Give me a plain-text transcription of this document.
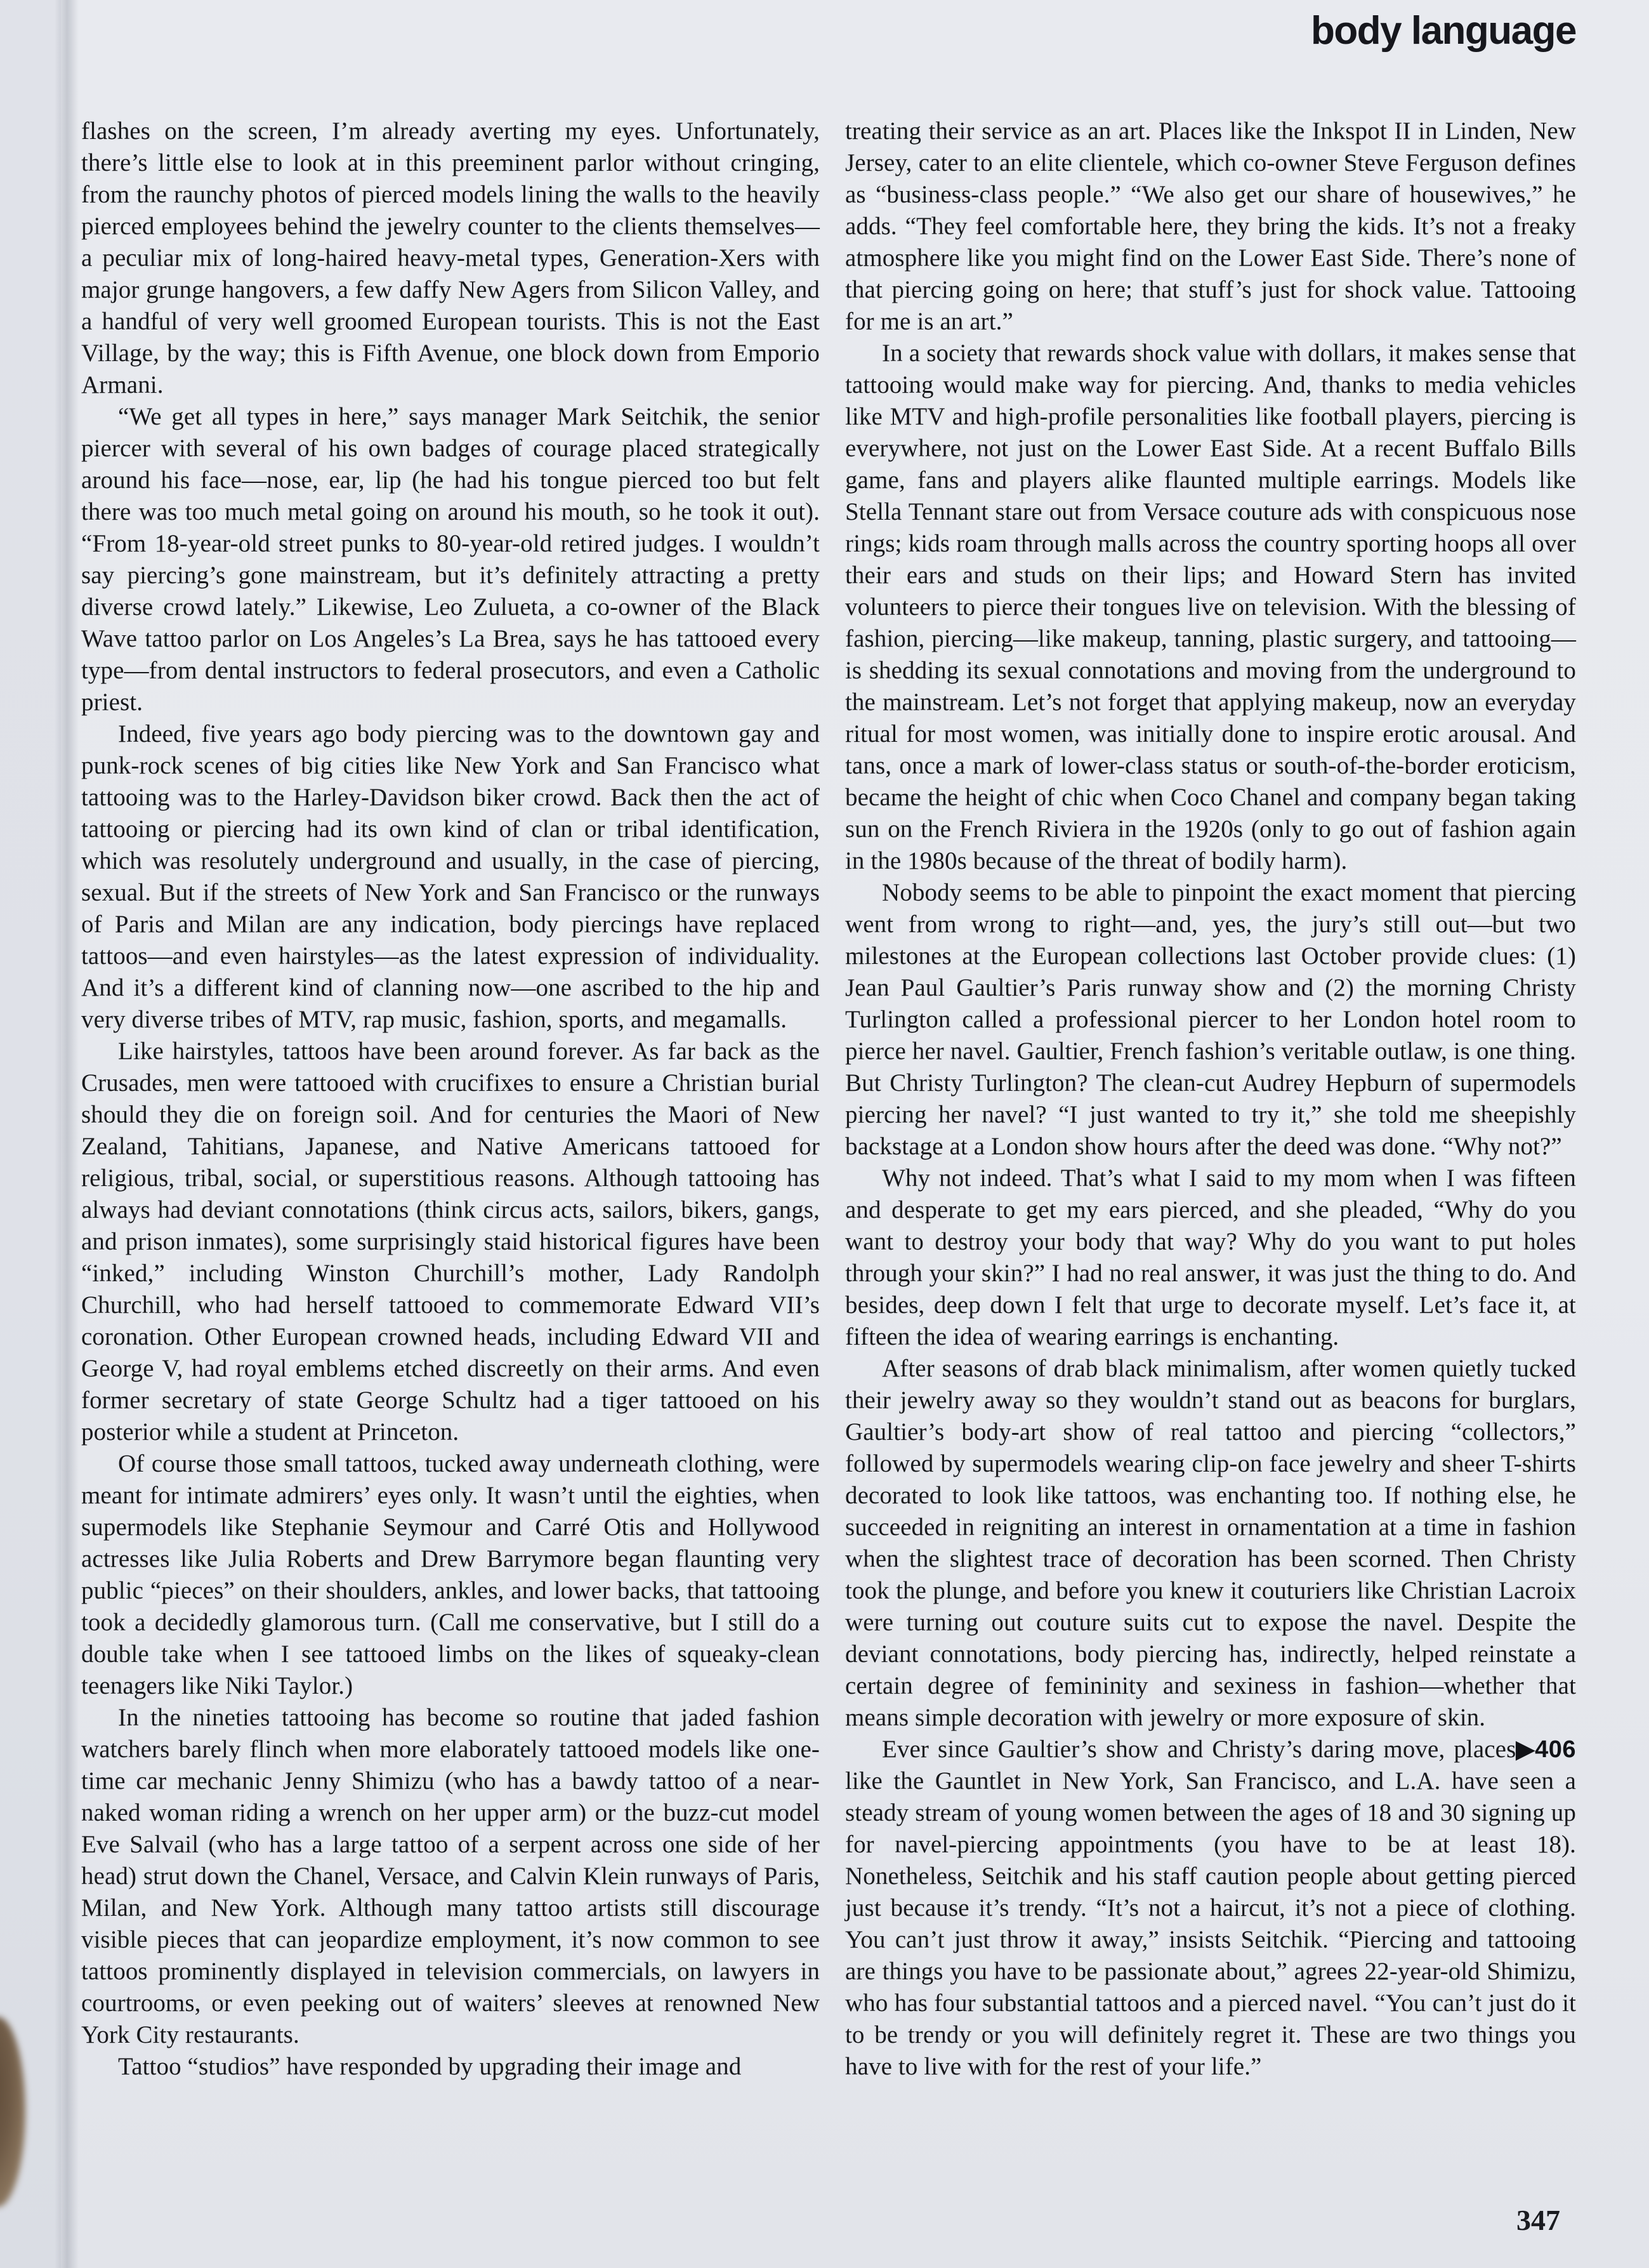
body language

flashes on the screen, I’m already averting my eyes. Unfortunately, there’s little else to look at in this preeminent parlor without cringing, from the raunchy photos of pierced models lining the walls to the heavily pierced employees behind the jewelry counter to the clients themselves—a peculiar mix of long-haired heavy-metal types, Generation-Xers with major grunge hangovers, a few daffy New Agers from Silicon Valley, and a handful of very well groomed European tourists. This is not the East Village, by the way; this is Fifth Avenue, one block down from Emporio Armani.

“We get all types in here,” says manager Mark Seitchik, the senior piercer with several of his own badges of courage placed strategically around his face—nose, ear, lip (he had his tongue pierced too but felt there was too much metal going on around his mouth, so he took it out). “From 18-year-old street punks to 80-year-old retired judges. I wouldn’t say piercing’s gone mainstream, but it’s definitely attracting a pretty diverse crowd lately.” Likewise, Leo Zulueta, a co-owner of the Black Wave tattoo parlor on Los Angeles’s La Brea, says he has tattooed every type—from dental instructors to federal prosecutors, and even a Catholic priest.

Indeed, five years ago body piercing was to the downtown gay and punk-rock scenes of big cities like New York and San Francisco what tattooing was to the Harley-Davidson biker crowd. Back then the act of tattooing or piercing had its own kind of clan or tribal identification, which was resolutely underground and usually, in the case of piercing, sexual. But if the streets of New York and San Francisco or the runways of Paris and Milan are any indication, body piercings have replaced tattoos—and even hairstyles—as the latest expression of individuality. And it’s a different kind of clanning now—one ascribed to the hip and very diverse tribes of MTV, rap music, fashion, sports, and megamalls.

Like hairstyles, tattoos have been around forever. As far back as the Crusades, men were tattooed with crucifixes to ensure a Christian burial should they die on foreign soil. And for centuries the Maori of New Zealand, Tahitians, Japanese, and Native Americans tattooed for religious, tribal, social, or superstitious reasons. Although tattooing has always had deviant connotations (think circus acts, sailors, bikers, gangs, and prison inmates), some surprisingly staid historical figures have been “inked,” including Winston Churchill’s mother, Lady Randolph Churchill, who had herself tattooed to commemorate Edward VII’s coronation. Other European crowned heads, including Edward VII and George V, had royal emblems etched discreetly on their arms. And even former secretary of state George Schultz had a tiger tattooed on his posterior while a student at Princeton.

Of course those small tattoos, tucked away underneath clothing, were meant for intimate admirers’ eyes only. It wasn’t until the eighties, when supermodels like Stephanie Seymour and Carré Otis and Hollywood actresses like Julia Roberts and Drew Barrymore began flaunting very public “pieces” on their shoulders, ankles, and lower backs, that tattooing took a decidedly glamorous turn. (Call me conservative, but I still do a double take when I see tattooed limbs on the likes of squeaky-clean teenagers like Niki Taylor.)

In the nineties tattooing has become so routine that jaded fashion watchers barely flinch when more elaborately tattooed models like one-time car mechanic Jenny Shimizu (who has a bawdy tattoo of a near-naked woman riding a wrench on her upper arm) or the buzz-cut model Eve Salvail (who has a large tattoo of a serpent across one side of her head) strut down the Chanel, Versace, and Calvin Klein runways of Paris, Milan, and New York. Although many tattoo artists still discourage visible pieces that can jeopardize employment, it’s now common to see tattoos prominently displayed in television commercials, on lawyers in courtrooms, or even peeking out of waiters’ sleeves at renowned New York City restaurants.

Tattoo “studios” have responded by upgrading their image and

treating their service as an art. Places like the Inkspot II in Linden, New Jersey, cater to an elite clientele, which co-owner Steve Ferguson defines as “business-class people.” “We also get our share of housewives,” he adds. “They feel comfortable here, they bring the kids. It’s not a freaky atmosphere like you might find on the Lower East Side. There’s none of that piercing going on here; that stuff’s just for shock value. Tattooing for me is an art.”

In a society that rewards shock value with dollars, it makes sense that tattooing would make way for piercing. And, thanks to media vehicles like MTV and high-profile personalities like football players, piercing is everywhere, not just on the Lower East Side. At a recent Buffalo Bills game, fans and players alike flaunted multiple earrings. Models like Stella Tennant stare out from Versace couture ads with conspicuous nose rings; kids roam through malls across the country sporting hoops all over their ears and studs on their lips; and Howard Stern has invited volunteers to pierce their tongues live on television. With the blessing of fashion, piercing—like makeup, tanning, plastic surgery, and tattooing—is shedding its sexual connotations and moving from the underground to the mainstream. Let’s not forget that applying makeup, now an everyday ritual for most women, was initially done to inspire erotic arousal. And tans, once a mark of lower-class status or south-of-the-border eroticism, became the height of chic when Coco Chanel and company began taking sun on the French Riviera in the 1920s (only to go out of fashion again in the 1980s because of the threat of bodily harm).

Nobody seems to be able to pinpoint the exact moment that piercing went from wrong to right—and, yes, the jury’s still out—but two milestones at the European collections last October provide clues: (1) Jean Paul Gaultier’s Paris runway show and (2) the morning Christy Turlington called a professional piercer to her London hotel room to pierce her navel. Gaultier, French fashion’s veritable outlaw, is one thing. But Christy Turlington? The clean-cut Audrey Hepburn of supermodels piercing her navel? “I just wanted to try it,” she told me sheepishly backstage at a London show hours after the deed was done. “Why not?”

Why not indeed. That’s what I said to my mom when I was fifteen and desperate to get my ears pierced, and she pleaded, “Why do you want to destroy your body that way? Why do you want to put holes through your skin?” I had no real answer, it was just the thing to do. And besides, deep down I felt that urge to decorate myself. Let’s face it, at fifteen the idea of wearing earrings is enchanting.

After seasons of drab black minimalism, after women quietly tucked their jewelry away so they wouldn’t stand out as beacons for burglars, Gaultier’s body-art show of real tattoo and piercing “collectors,” followed by supermodels wearing clip-on face jewelry and sheer T-shirts decorated to look like tattoos, was enchanting too. If nothing else, he succeeded in reigniting an interest in ornamentation at a time in fashion when the slightest trace of decoration has been scorned. Then Christy took the plunge, and before you knew it couturiers like Christian Lacroix were turning out couture suits cut to expose the navel. Despite the deviant connotations, body piercing has, indirectly, helped reinstate a certain degree of femininity and sexiness in fashion—whether that means simple decoration with jewelry or more exposure of skin.

▶406
Ever since Gaultier’s show and Christy’s daring move, places like the Gauntlet in New York, San Francisco, and L.A. have seen a steady stream of young women between the ages of 18 and 30 signing up for navel-piercing appointments (you have to be at least 18). Nonetheless, Seitchik and his staff caution people about getting pierced just because it’s trendy. “It’s not a haircut, it’s not a piece of clothing. You can’t just throw it away,” insists Seitchik. “Piercing and tattooing are things you have to be passionate about,” agrees 22-year-old Shimizu, who has four substantial tattoos and a pierced navel. “You can’t just do it to be trendy or you will definitely regret it. These are two things you have to live with for the rest of your life.”

347
